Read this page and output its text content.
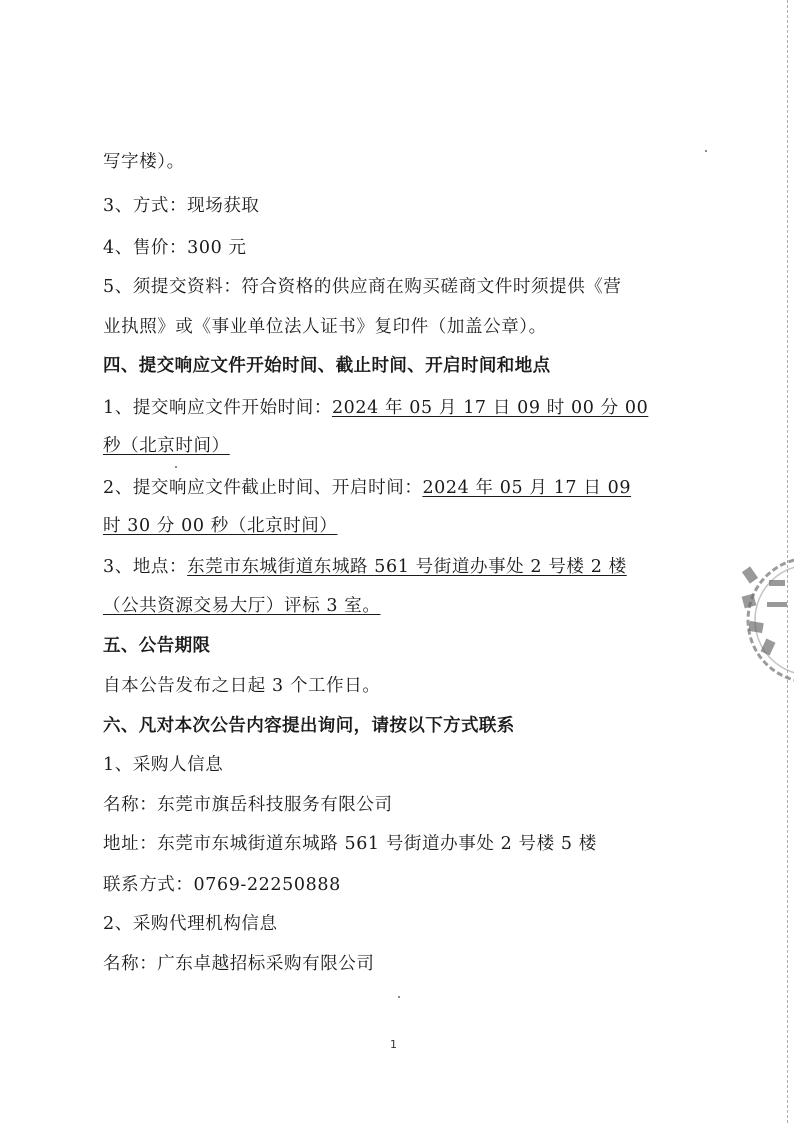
写字楼）。
3、方式：现场获取
4、售价：300 元
5、须提交资料：符合资格的供应商在购买磋商文件时须提供《营
业执照》或《事业单位法人证书》复印件（加盖公章）。
四、提交响应文件开始时间、截止时间、开启时间和地点
1、提交响应文件开始时间：2024 年 05 月 17 日 09 时 00 分 00
秒（北京时间）
2、提交响应文件截止时间、开启时间：2024 年 05 月 17 日 09
时 30 分 00 秒（北京时间）
3、地点：东莞市东城街道东城路 561 号街道办事处 2 号楼 2 楼
（公共资源交易大厅）评标 3 室。
五、公告期限
自本公告发布之日起 3 个工作日。
六、凡对本次公告内容提出询问，请按以下方式联系
1、采购人信息
名称：东莞市旗岳科技服务有限公司
地址：东莞市东城街道东城路 561 号街道办事处 2 号楼 5 楼
联系方式：0769-22250888
2、采购代理机构信息
名称：广东卓越招标采购有限公司
1
